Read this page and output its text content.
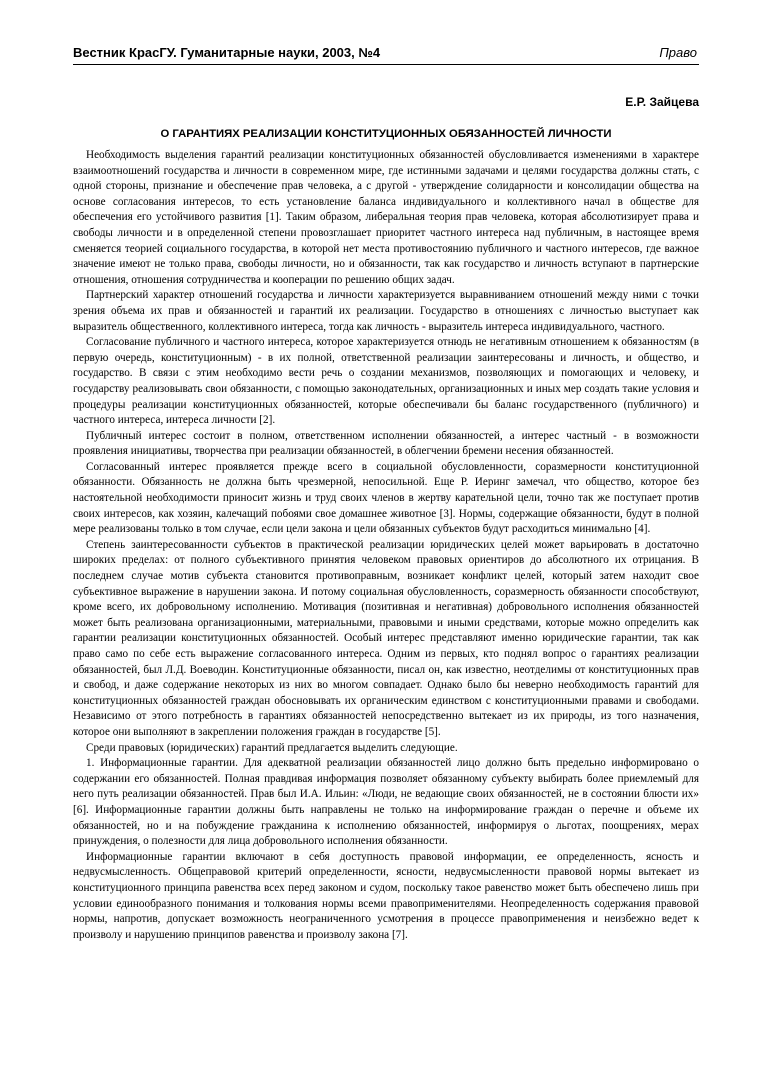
Вестник КрасГУ. Гуманитарные науки, 2003, №4	Право
Е.Р. Зайцева
О ГАРАНТИЯХ РЕАЛИЗАЦИИ КОНСТИТУЦИОННЫХ ОБЯЗАННОСТЕЙ ЛИЧНОСТИ

Необходимость выделения гарантий реализации конституционных обязанностей обусловливается изменениями в характере взаимоотношений государства и личности в современном мире, где истинными задачами и целями государства должны стать, с одной стороны, признание и обеспечение прав человека, а с другой - утверждение солидарности и консолидации общества на основе согласования интересов, то есть установление баланса индивидуального и коллективного начал в обществе для обеспечения его устойчивого развития [1]. Таким образом, либеральная теория прав человека, которая абсолютизирует права и свободы личности и в определенной степени провозглашает приоритет частного интереса над публичным, в настоящее время сменяется теорией социального государства, в которой нет места противостоянию публичного и частного интересов, где важное значение имеют не только права, свободы личности, но и обязанности, так как государство и личность вступают в партнерские отношения, отношения сотрудничества и кооперации по решению общих задач.

Партнерский характер отношений государства и личности характеризуется выравниванием отношений между ними с точки зрения объема их прав и обязанностей и гарантий их реализации. Государство в отношениях с личностью выступает как выразитель общественного, коллективного интереса, тогда как личность - выразитель интереса индивидуального, частного.

Согласование публичного и частного интереса, которое характеризуется отнюдь не негативным отношением к обязанностям (в первую очередь, конституционным) - в их полной, ответственной реализации заинтересованы и личность, и общество, и государство. В связи с этим необходимо вести речь о создании механизмов, позволяющих и помогающих и человеку, и государству реализовывать свои обязанности, с помощью законодательных, организационных и иных мер создать такие условия и процедуры реализации конституционных обязанностей, которые обеспечивали бы баланс государственного (публичного) и частного интереса, интереса личности [2].

Публичный интерес состоит в полном, ответственном исполнении обязанностей, а интерес частный - в возможности проявления инициативы, творчества при реализации обязанностей, в облегчении бремени несения обязанностей.

Согласованный интерес проявляется прежде всего в социальной обусловленности, соразмерности конституционной обязанности. Обязанность не должна быть чрезмерной, непосильной. Еще Р. Иеринг замечал, что общество, которое без настоятельной необходимости приносит жизнь и труд своих членов в жертву карательной цели, точно так же поступает против своих интересов, как хозяин, калечащий побоями свое домашнее животное [3]. Нормы, содержащие обязанности, будут в полной мере реализованы только в том случае, если цели закона и цели обязанных субъектов будут расходиться минимально [4].

Степень заинтересованности субъектов в практической реализации юридических целей может варьировать в достаточно широких пределах: от полного субъективного принятия человеком правовых ориентиров до абсолютного их отрицания. В последнем случае мотив субъекта становится противоправным, возникает конфликт целей, который затем находит свое субъективное выражение в нарушении закона. И потому социальная обусловленность, соразмерность обязанности способствуют, кроме всего, их добровольному исполнению. Мотивация (позитивная и негативная) добровольного исполнения обязанностей может быть реализована организационными, материальными, правовыми и иными средствами, которые можно определить как гарантии реализации конституционных обязанностей. Особый интерес представляют именно юридические гарантии, так как право само по себе есть выражение согласованного интереса. Одним из первых, кто поднял вопрос о гарантиях реализации обязанностей, был Л.Д. Воеводин. Конституционные обязанности, писал он, как известно, неотделимы от конституционных прав и свобод, и даже содержание некоторых из них во многом совпадает. Однако было бы неверно необходимость гарантий для конституционных обязанностей граждан обосновывать их органическим единством с конституционными правами и свободами. Независимо от этого потребность в гарантиях обязанностей непосредственно вытекает из их природы, из того назначения, которое они выполняют в закреплении положения граждан в государстве [5].

Среди правовых (юридических) гарантий предлагается выделить следующие.

1. Информационные гарантии. Для адекватной реализации обязанностей лицо должно быть предельно информировано о содержании его обязанностей. Полная правдивая информация позволяет обязанному субъекту выбирать более приемлемый для него путь реализации обязанностей. Прав был И.А. Ильин: «Люди, не ведающие своих обязанностей, не в состоянии блюсти их» [6]. Информационные гарантии должны быть направлены не только на информирование граждан о перечне и объеме их обязанностей, но и на побуждение гражданина к исполнению обязанностей, информируя о льготах, поощрениях, мерах принуждения, о полезности для лица добровольного исполнения обязанности.

Информационные гарантии включают в себя доступность правовой информации, ее определенность, ясность и недвусмысленность. Общеправовой критерий определенности, ясности, недвусмысленности правовой нормы вытекает из конституционного принципа равенства всех перед законом и судом, поскольку такое равенство может быть обеспечено лишь при условии единообразного понимания и толкования нормы всеми правоприменителями. Неопределенность содержания правовой нормы, напротив, допускает возможность неограниченного усмотрения в процессе правоприменения и неизбежно ведет к произволу и нарушению принципов равенства и произволу закона [7].
